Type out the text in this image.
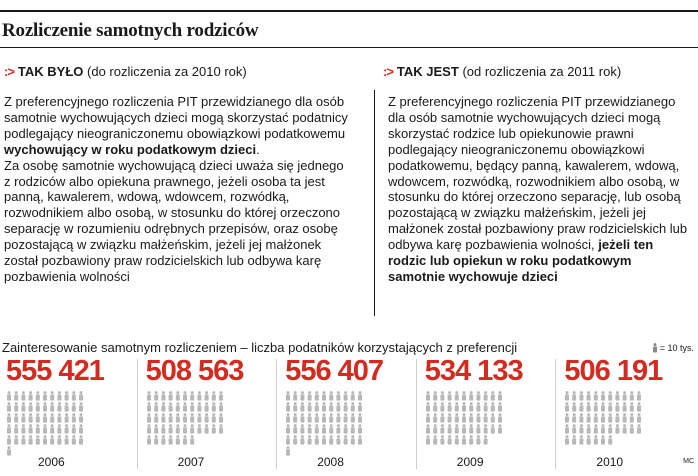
Rozliczenie samotnych rodziców
:> TAK BYŁO (do rozliczenia za 2010 rok)	:> TAK JEST (od rozliczenia za 2011 rok)

Z preferencyjnego rozliczenia PIT przewidzianego dla osób samotnie wychowujących dzieci mogą skorzystać podatnicy podlegający nieograniczonemu obowiązkowi podatkowemu wychowujący w roku podatkowym dzieci.

Za osobę samotnie wychowującą dzieci uważa się jednego z rodziców albo opiekuna prawnego, jeżeli osoba ta jest panną, kawalerem, wdową, wdowcem, rozwódką, rozwodnikiem albo osobą, w stosunku do której orzeczono separację w rozumieniu odrębnych przepisów, oraz osobę pozostającą w związku małżeńskim, jeżeli jej małżonek został pozbawiony praw rodzicielskich lub odbywa karę pozbawienia wolności

Z preferencyjnego rozliczenia PIT przewidzianego dla osób samotnie wychowujących dzieci mogą skorzystać rodzice lub opiekunowie prawni podlegający nieograniczonemu obowiązkowi podatkowemu, będący panną, kawalerem, wdową, wdowcem, rozwódką, rozwodnikiem albo osobą, w stosunku do której orzeczono separację, lub osobą pozostającą w związku małżeńskim, jeżeli jej małżonek został pozbawiony praw rodzicielskich lub odbywa karę pozbawienia wolności, jeżeli ten rodzic lub opiekun w roku podatkowym samotnie wychowuje dzieci

Zainteresowanie samotnym rozliczeniem – liczba podatników korzystających z preferencji	= 10 tys.
555 421
2006
508 563
2007
556 407
2008
534 133
2009
506 191
2010	MC
